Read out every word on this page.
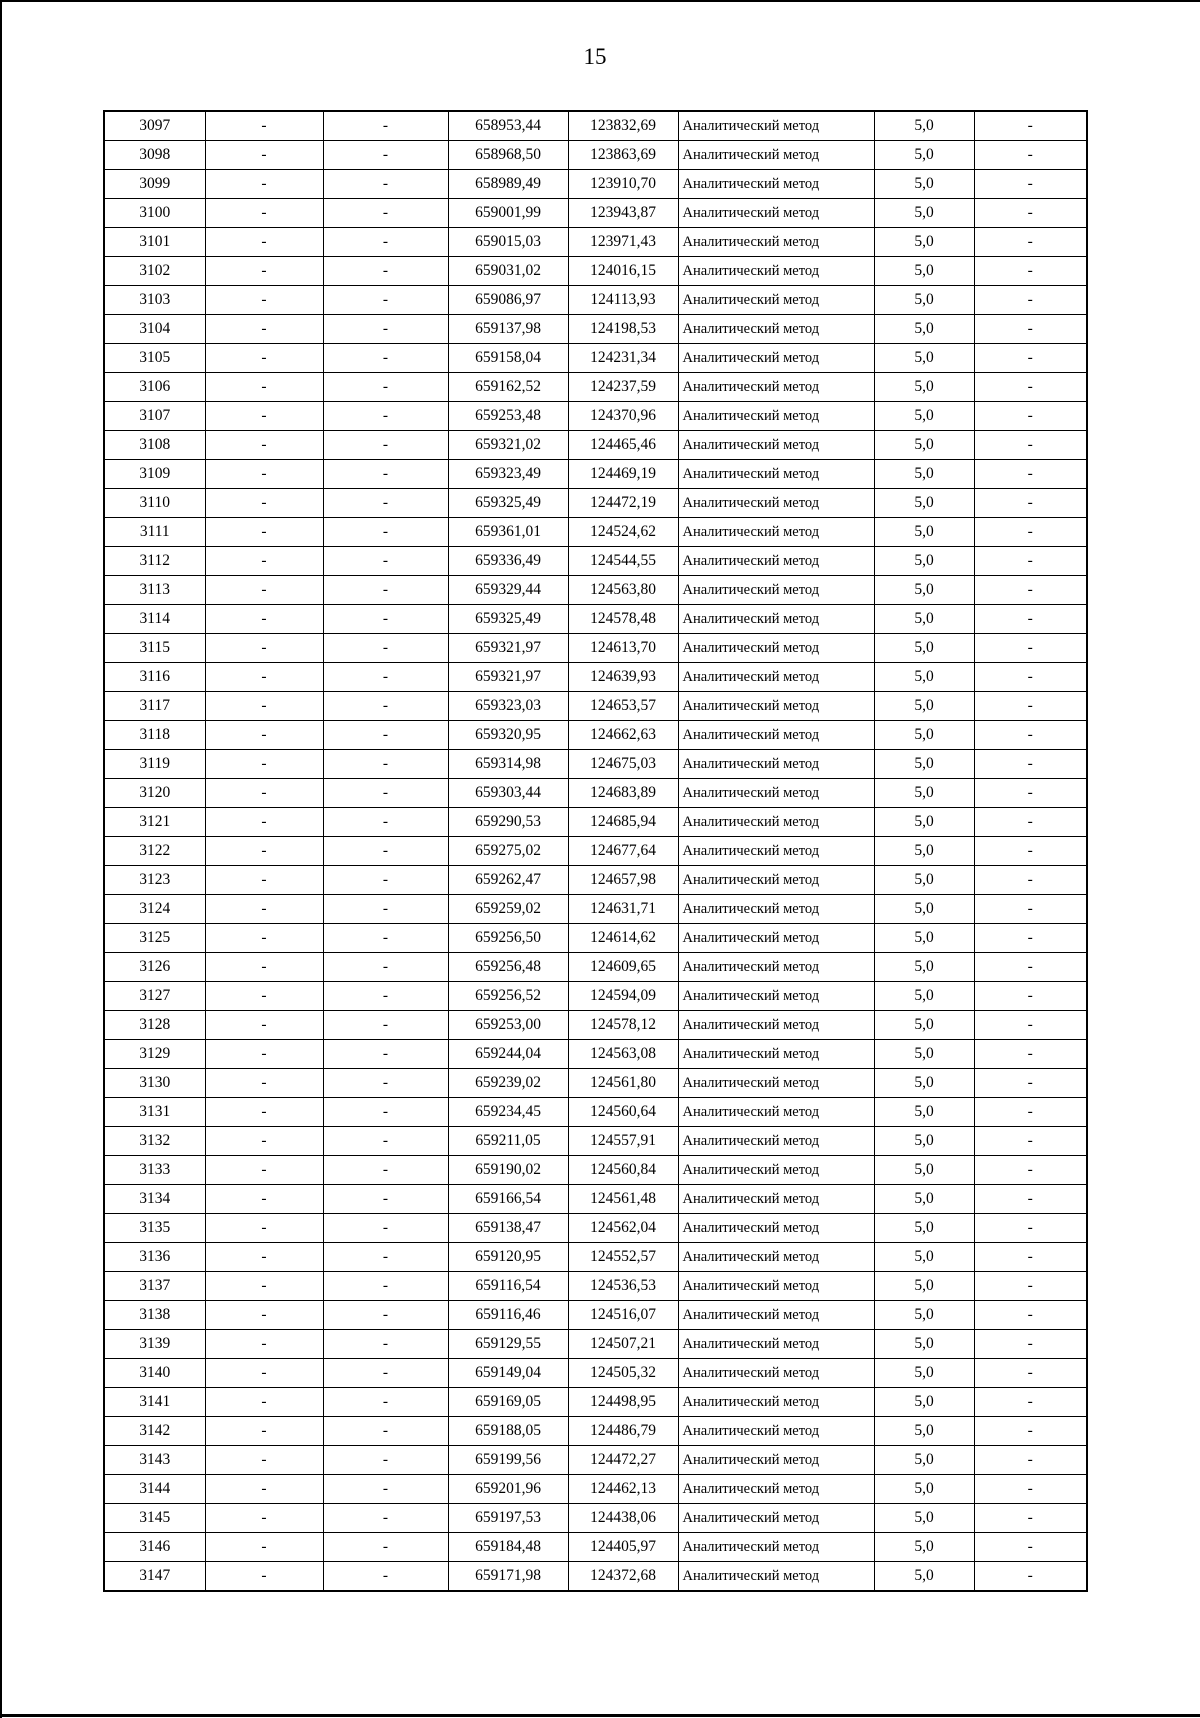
15
3097	-	-	658953,44	123832,69	Аналитический метод	5,0	-
3098	-	-	658968,50	123863,69	Аналитический метод	5,0	-
3099	-	-	658989,49	123910,70	Аналитический метод	5,0	-
3100	-	-	659001,99	123943,87	Аналитический метод	5,0	-
3101	-	-	659015,03	123971,43	Аналитический метод	5,0	-
3102	-	-	659031,02	124016,15	Аналитический метод	5,0	-
3103	-	-	659086,97	124113,93	Аналитический метод	5,0	-
3104	-	-	659137,98	124198,53	Аналитический метод	5,0	-
3105	-	-	659158,04	124231,34	Аналитический метод	5,0	-
3106	-	-	659162,52	124237,59	Аналитический метод	5,0	-
3107	-	-	659253,48	124370,96	Аналитический метод	5,0	-
3108	-	-	659321,02	124465,46	Аналитический метод	5,0	-
3109	-	-	659323,49	124469,19	Аналитический метод	5,0	-
3110	-	-	659325,49	124472,19	Аналитический метод	5,0	-
3111	-	-	659361,01	124524,62	Аналитический метод	5,0	-
3112	-	-	659336,49	124544,55	Аналитический метод	5,0	-
3113	-	-	659329,44	124563,80	Аналитический метод	5,0	-
3114	-	-	659325,49	124578,48	Аналитический метод	5,0	-
3115	-	-	659321,97	124613,70	Аналитический метод	5,0	-
3116	-	-	659321,97	124639,93	Аналитический метод	5,0	-
3117	-	-	659323,03	124653,57	Аналитический метод	5,0	-
3118	-	-	659320,95	124662,63	Аналитический метод	5,0	-
3119	-	-	659314,98	124675,03	Аналитический метод	5,0	-
3120	-	-	659303,44	124683,89	Аналитический метод	5,0	-
3121	-	-	659290,53	124685,94	Аналитический метод	5,0	-
3122	-	-	659275,02	124677,64	Аналитический метод	5,0	-
3123	-	-	659262,47	124657,98	Аналитический метод	5,0	-
3124	-	-	659259,02	124631,71	Аналитический метод	5,0	-
3125	-	-	659256,50	124614,62	Аналитический метод	5,0	-
3126	-	-	659256,48	124609,65	Аналитический метод	5,0	-
3127	-	-	659256,52	124594,09	Аналитический метод	5,0	-
3128	-	-	659253,00	124578,12	Аналитический метод	5,0	-
3129	-	-	659244,04	124563,08	Аналитический метод	5,0	-
3130	-	-	659239,02	124561,80	Аналитический метод	5,0	-
3131	-	-	659234,45	124560,64	Аналитический метод	5,0	-
3132	-	-	659211,05	124557,91	Аналитический метод	5,0	-
3133	-	-	659190,02	124560,84	Аналитический метод	5,0	-
3134	-	-	659166,54	124561,48	Аналитический метод	5,0	-
3135	-	-	659138,47	124562,04	Аналитический метод	5,0	-
3136	-	-	659120,95	124552,57	Аналитический метод	5,0	-
3137	-	-	659116,54	124536,53	Аналитический метод	5,0	-
3138	-	-	659116,46	124516,07	Аналитический метод	5,0	-
3139	-	-	659129,55	124507,21	Аналитический метод	5,0	-
3140	-	-	659149,04	124505,32	Аналитический метод	5,0	-
3141	-	-	659169,05	124498,95	Аналитический метод	5,0	-
3142	-	-	659188,05	124486,79	Аналитический метод	5,0	-
3143	-	-	659199,56	124472,27	Аналитический метод	5,0	-
3144	-	-	659201,96	124462,13	Аналитический метод	5,0	-
3145	-	-	659197,53	124438,06	Аналитический метод	5,0	-
3146	-	-	659184,48	124405,97	Аналитический метод	5,0	-
3147	-	-	659171,98	124372,68	Аналитический метод	5,0	-
